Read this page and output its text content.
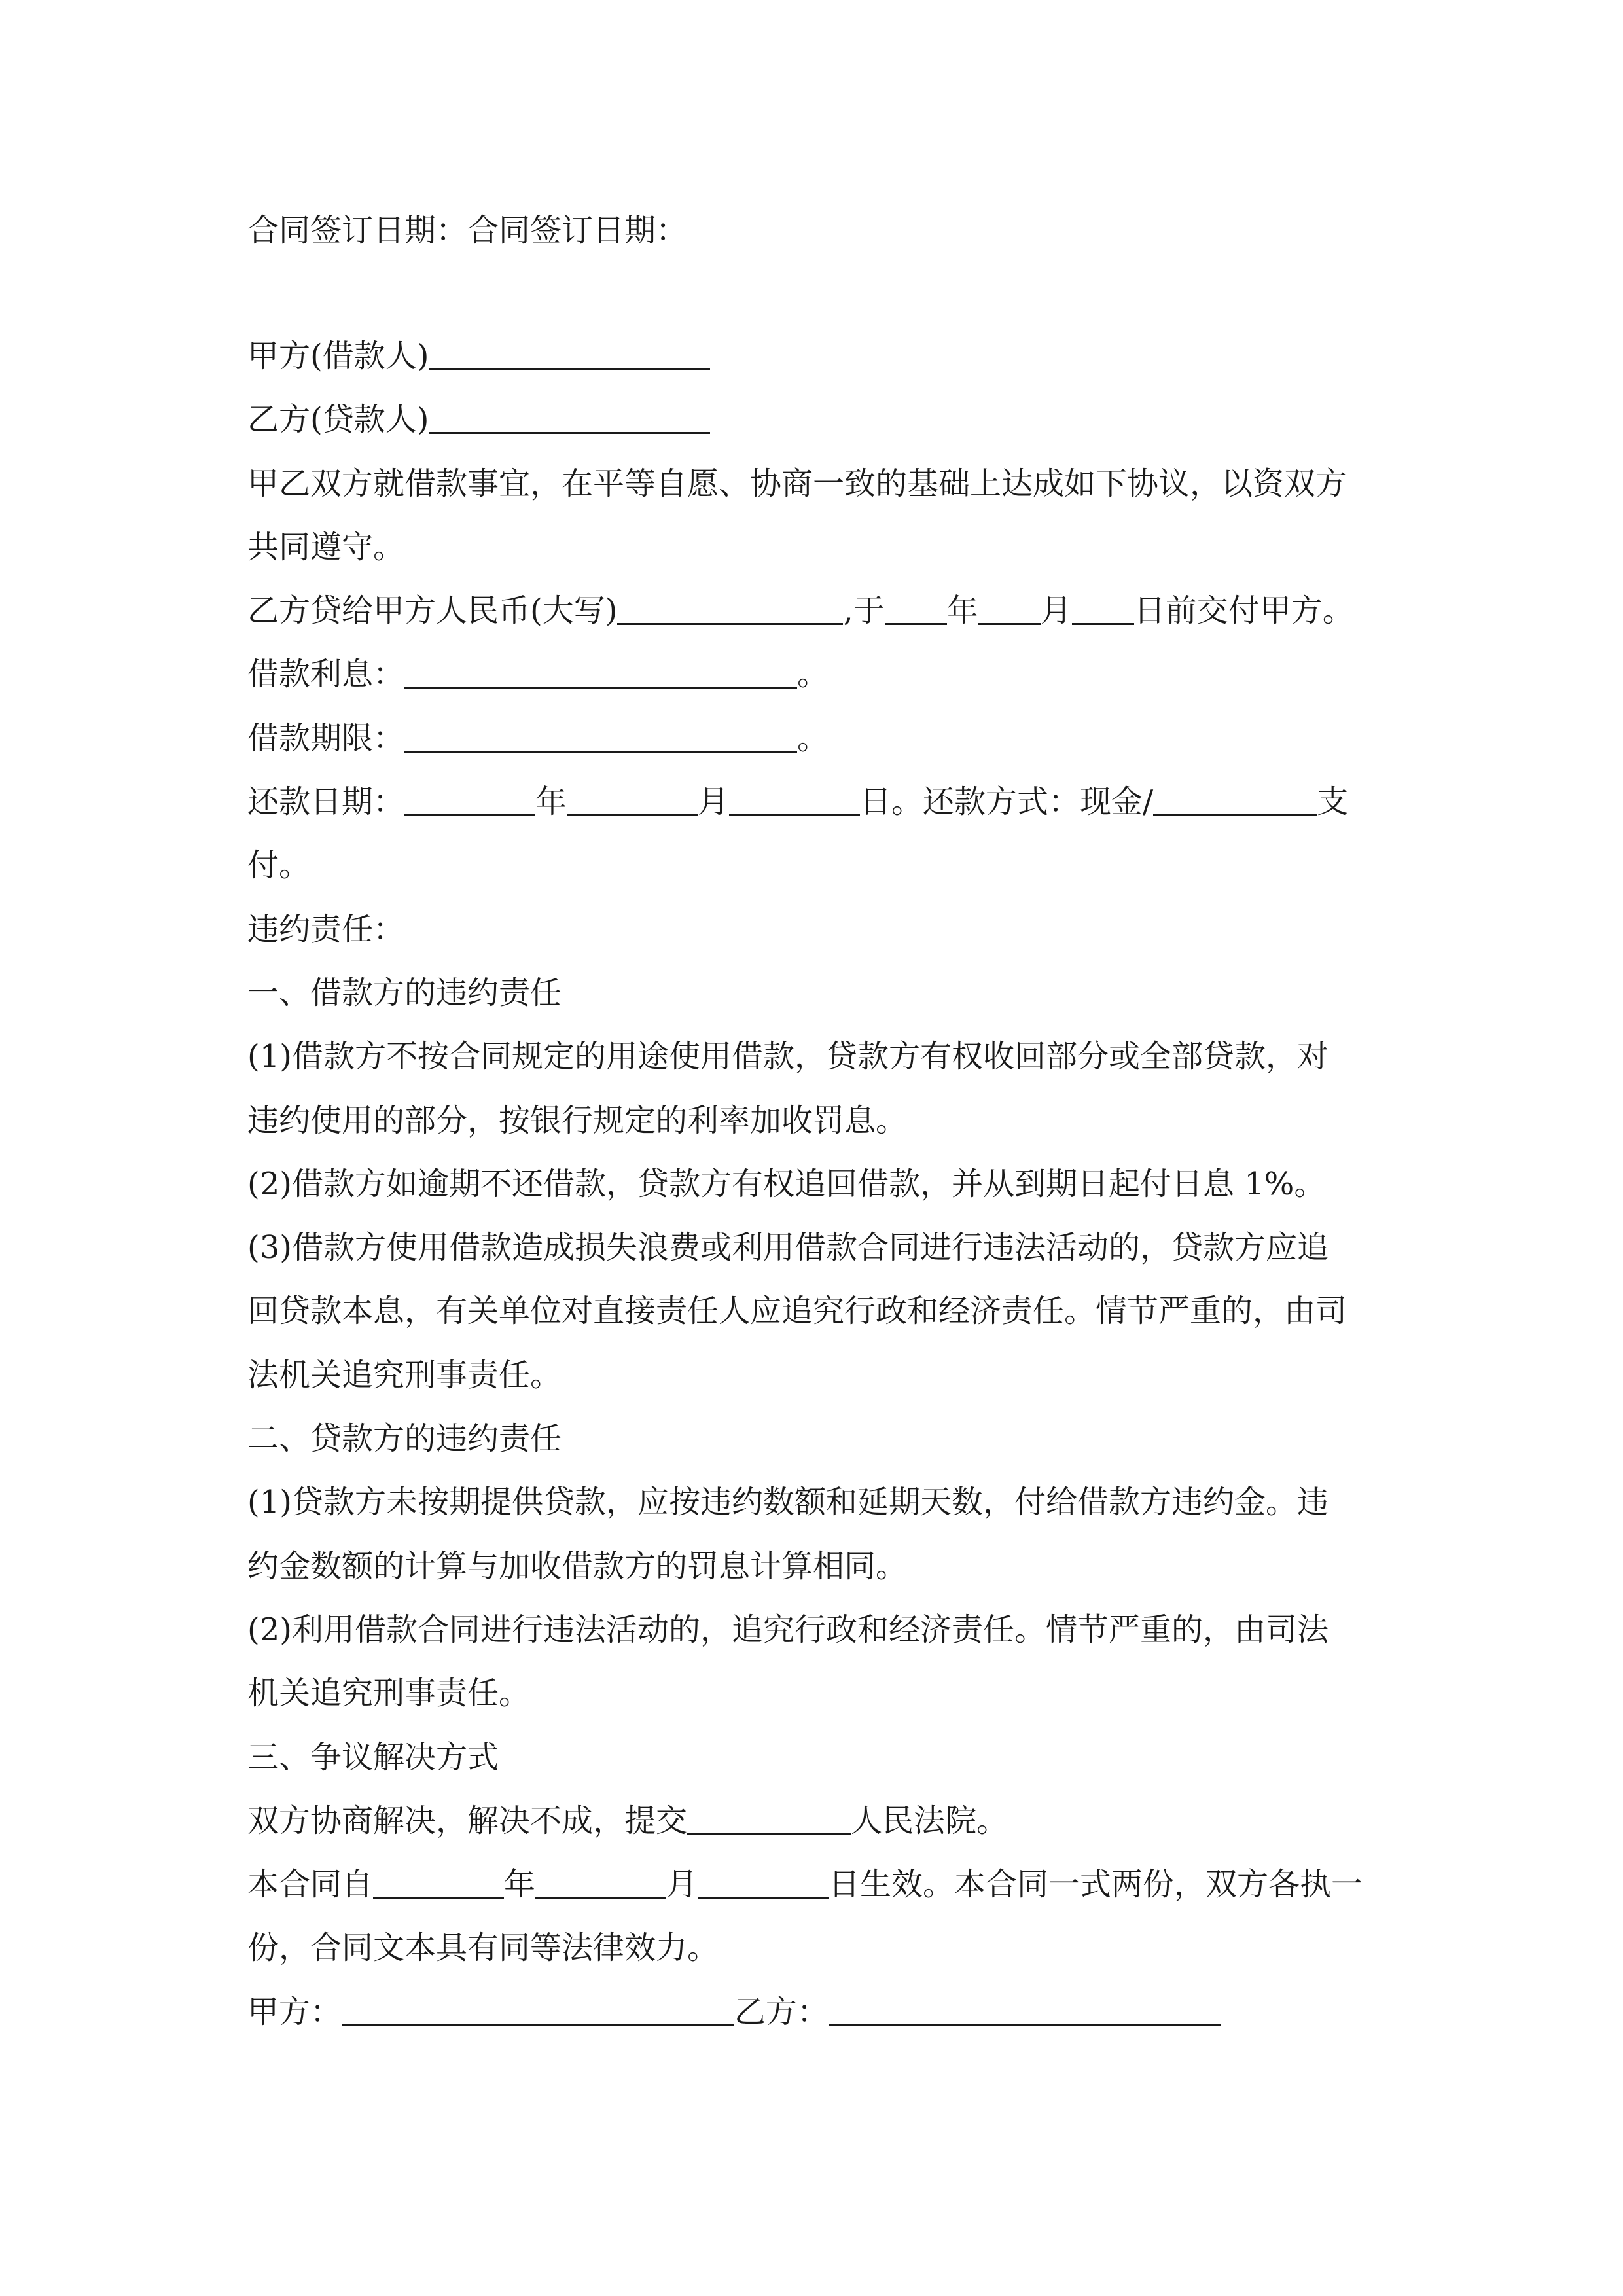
合同签订日期：合同签订日期：
甲方(借款人)
乙方(贷款人)
甲乙双方就借款事宜，在平等自愿、协商一致的基础上达成如下协议，以资双方
共同遵守。
乙方贷给甲方人民币(大写)	,于 年 月 日前交付甲方。
借款利息：	。
借款期限：	。
还款日期：	年	月	日。还款方式：现金/	支
付。
违约责任：
一、借款方的违约责任
(1)借款方不按合同规定的用途使用借款，贷款方有权收回部分或全部贷款，对
违约使用的部分，按银行规定的利率加收罚息。
(2)借款方如逾期不还借款，贷款方有权追回借款，并从到期日起付日息 1%。
(3)借款方使用借款造成损失浪费或利用借款合同进行违法活动的，贷款方应追
回贷款本息，有关单位对直接责任人应追究行政和经济责任。情节严重的，由司
法机关追究刑事责任。
二、贷款方的违约责任
(1)贷款方未按期提供贷款，应按违约数额和延期天数，付给借款方违约金。违
约金数额的计算与加收借款方的罚息计算相同。
(2)利用借款合同进行违法活动的，追究行政和经济责任。情节严重的，由司法
机关追究刑事责任。
三、争议解决方式
双方协商解决，解决不成，提交	人民法院。
本合同自	年	月	日生效。本合同一式两份，双方各执一
份，合同文本具有同等法律效力。
甲方：	乙方：
